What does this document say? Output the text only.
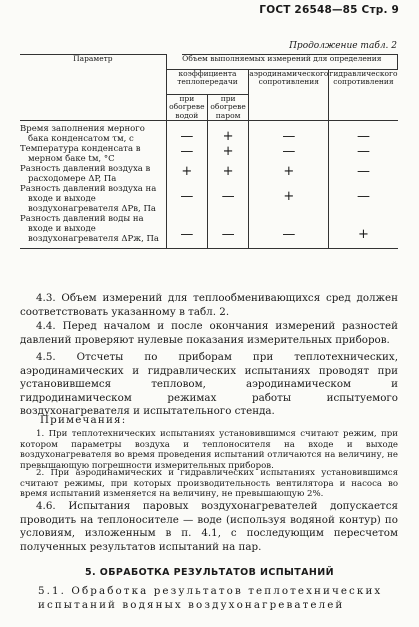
ГОСТ 26548—85 Стр. 9
Продолжение табл. 2
Параметр	Объем выполняемых измерений для определения			
	коэффициента теплопередачи		аэродинамического сопротивления	гидравлического сопротивления
	при обогреве водой	при обогреве паром		
Время заполнения мерного бака конденсатом τм, с	—	+	—	—
Температура конденсата в мерном баке tм, °С	—	+	—	—
Разность давлений воздуха в расходомере ΔP, Па	+	+	+	—
Разность давлений воздуха на входе и выходе воздухонагревателя ΔPв, Па	—	—	+	—
Разность давлений воды на входе и выходе воздухонагревателя ΔPж, Па	—	—	—	+
4.3. Объем измерений для теплообменивающихся сред должен соответствовать указанному в табл. 2.
4.4. Перед началом и после окончания измерений разностей давлений проверяют нулевые показания измерительных приборов.
4.5. Отсчеты по приборам при теплотехнических, аэродинамических и гидравлических испытаниях проводят при установившемся тепловом, аэродинамическом и гидродинамическом режимах работы испытуемого воздухонагревателя и испытательного стенда.
Примечания:
1. При теплотехнических испытаниях установившимся считают режим, при котором параметры воздуха и теплоносителя на входе и выходе воздухонагревателя во время проведения испытаний отличаются на величину, не превышающую погрешности измерительных приборов.
2. При аэродинамических и гидравлических испытаниях установившимся считают режимы, при которых производительность вентилятора и насоса во время испытаний изменяется на величину, не превышающую 2%.
4.6. Испытания паровых воздухонагревателей допускается проводить на теплоносителе — воде (используя водяной контур) по условиям, изложенным в п. 4.1, с последующим пересчетом полученных результатов испытаний на пар.
5. ОБРАБОТКА РЕЗУЛЬТАТОВ ИСПЫТАНИЙ
5.1. Обработка результатов теплотехнических испытаний водяных воздухонагревателей
